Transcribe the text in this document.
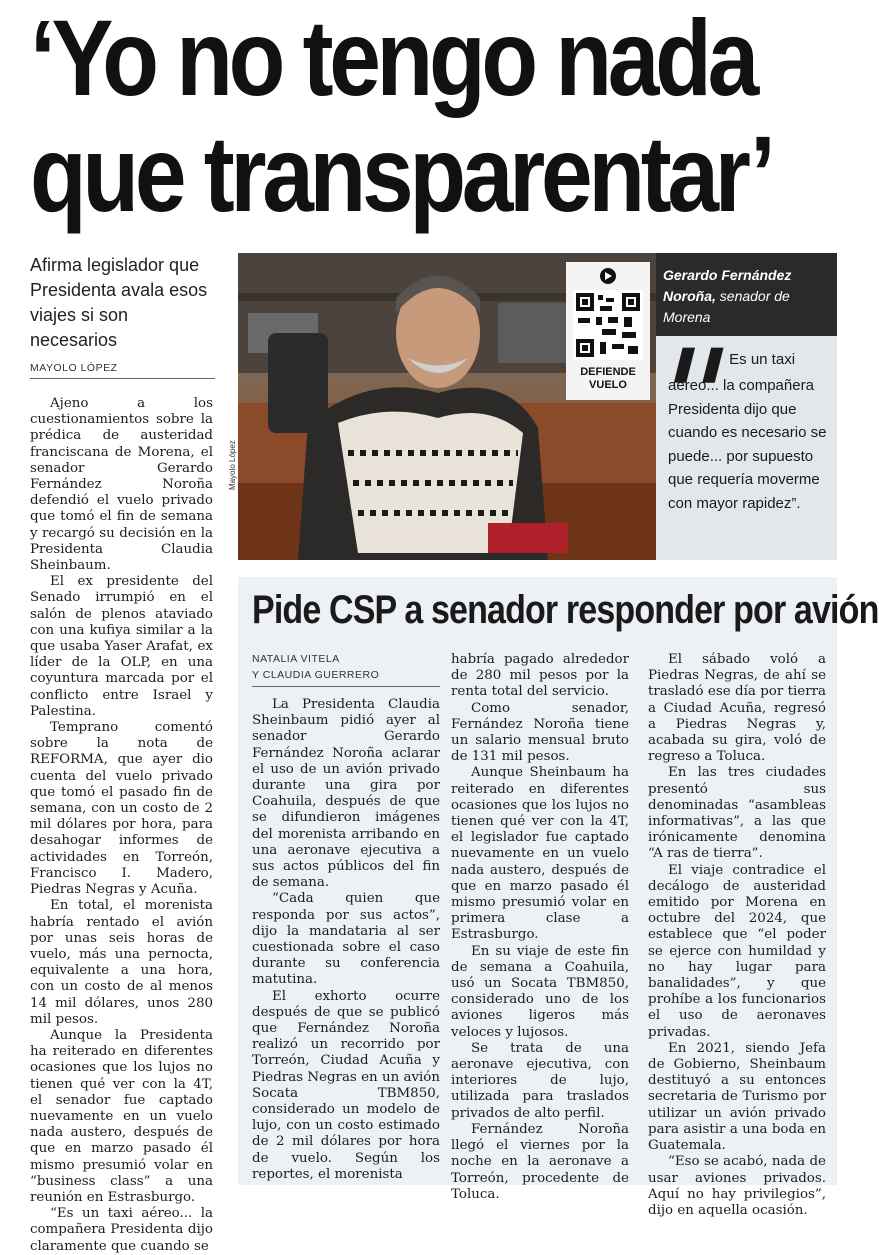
‘Yo no tengo nada
que transparentar’

Afirma legislador que Presidenta avala esos viajes si son necesarios

MAYOLO LÓPEZ

Ajeno a los cuestionamientos sobre la prédica de austeridad franciscana de Morena, el senador Gerardo Fernández Noroña defendió el vuelo privado que tomó el fin de semana y recargó su decisión en la Presidenta Claudia Sheinbaum.

El ex presidente del Senado irrumpió en el salón de plenos ataviado con una kufiya similar a la que usaba Yaser Arafat, ex líder de la OLP, en una coyuntura marcada por el conflicto entre Israel y Palestina.

Temprano comentó sobre la nota de REFORMA, que ayer dio cuenta del vuelo privado que tomó el pasado fin de semana, con un costo de 2 mil dólares por hora, para desahogar informes de actividades en Torreón, Francisco I. Madero, Piedras Negras y Acuña.

En total, el morenista habría rentado el avión por unas seis horas de vuelo, más una pernocta, equivalente a una hora, con un costo de al menos 14 mil dólares, unos 280 mil pesos.

Aunque la Presidenta ha reiterado en diferentes ocasiones que los lujos no tienen qué ver con la 4T, el senador fue captado nuevamente en un vuelo nada austero, después de que en marzo pasado él mismo presumió volar en “business class” a una reunión en Estrasburgo.

“Es un taxi aéreo... la compañera Presidenta dijo claramente que cuando se

Mayolo López
DEFIENDE VUELO
Gerardo Fernández Noroña, senador de Morena
❚❚ Es un taxi aéreo... la compañera Presidenta dijo que cuando es necesario se puede... por supuesto que requería moverme con mayor rapidez”.
Pide CSP a senador responder por avión
NATALIA VITELA
Y CLAUDIA GUERRERO

La Presidenta Claudia Sheinbaum pidió ayer al senador Gerardo Fernández Noroña aclarar el uso de un avión privado durante una gira por Coahuila, después de que se difundieron imágenes del morenista arribando en una aeronave ejecutiva a sus actos públicos del fin de semana.

“Cada quien que responda por sus actos”, dijo la mandataria al ser cuestionada sobre el caso durante su conferencia matutina.

El exhorto ocurre después de que se publicó que Fernández Noroña realizó un recorrido por Torreón, Ciudad Acuña y Piedras Negras en un avión Socata TBM850, considerado un modelo de lujo, con un costo estimado de 2 mil dólares por hora de vuelo. Según los reportes, el morenista

habría pagado alrededor de 280 mil pesos por la renta total del servicio.

Como senador, Fernández Noroña tiene un salario mensual bruto de 131 mil pesos.

Aunque Sheinbaum ha reiterado en diferentes ocasiones que los lujos no tienen qué ver con la 4T, el legislador fue captado nuevamente en un vuelo nada austero, después de que en marzo pasado él mismo presumió volar en primera clase a Estrasburgo.

En su viaje de este fin de semana a Coahuila, usó un Socata TBM850, considerado uno de los aviones ligeros más veloces y lujosos.

Se trata de una aeronave ejecutiva, con interiores de lujo, utilizada para traslados privados de alto perfil.

Fernández Noroña llegó el viernes por la noche en la aeronave a Torreón, procedente de Toluca.

El sábado voló a Piedras Negras, de ahí se trasladó ese día por tierra a Ciudad Acuña, regresó a Piedras Negras y, acabada su gira, voló de regreso a Toluca.

En las tres ciudades presentó sus denominadas “asambleas informativas”, a las que irónicamente denomina “A ras de tierra”.

El viaje contradice el decálogo de austeridad emitido por Morena en octubre del 2024, que establece que “el poder se ejerce con humildad y no hay lugar para banalidades”, y que prohíbe a los funcionarios el uso de aeronaves privadas.

En 2021, siendo Jefa de Gobierno, Sheinbaum destituyó a su entonces secretaria de Turismo por utilizar un avión privado para asistir a una boda en Guatemala.

“Eso se acabó, nada de usar aviones privados. Aquí no hay privilegios”, dijo en aquella ocasión.
